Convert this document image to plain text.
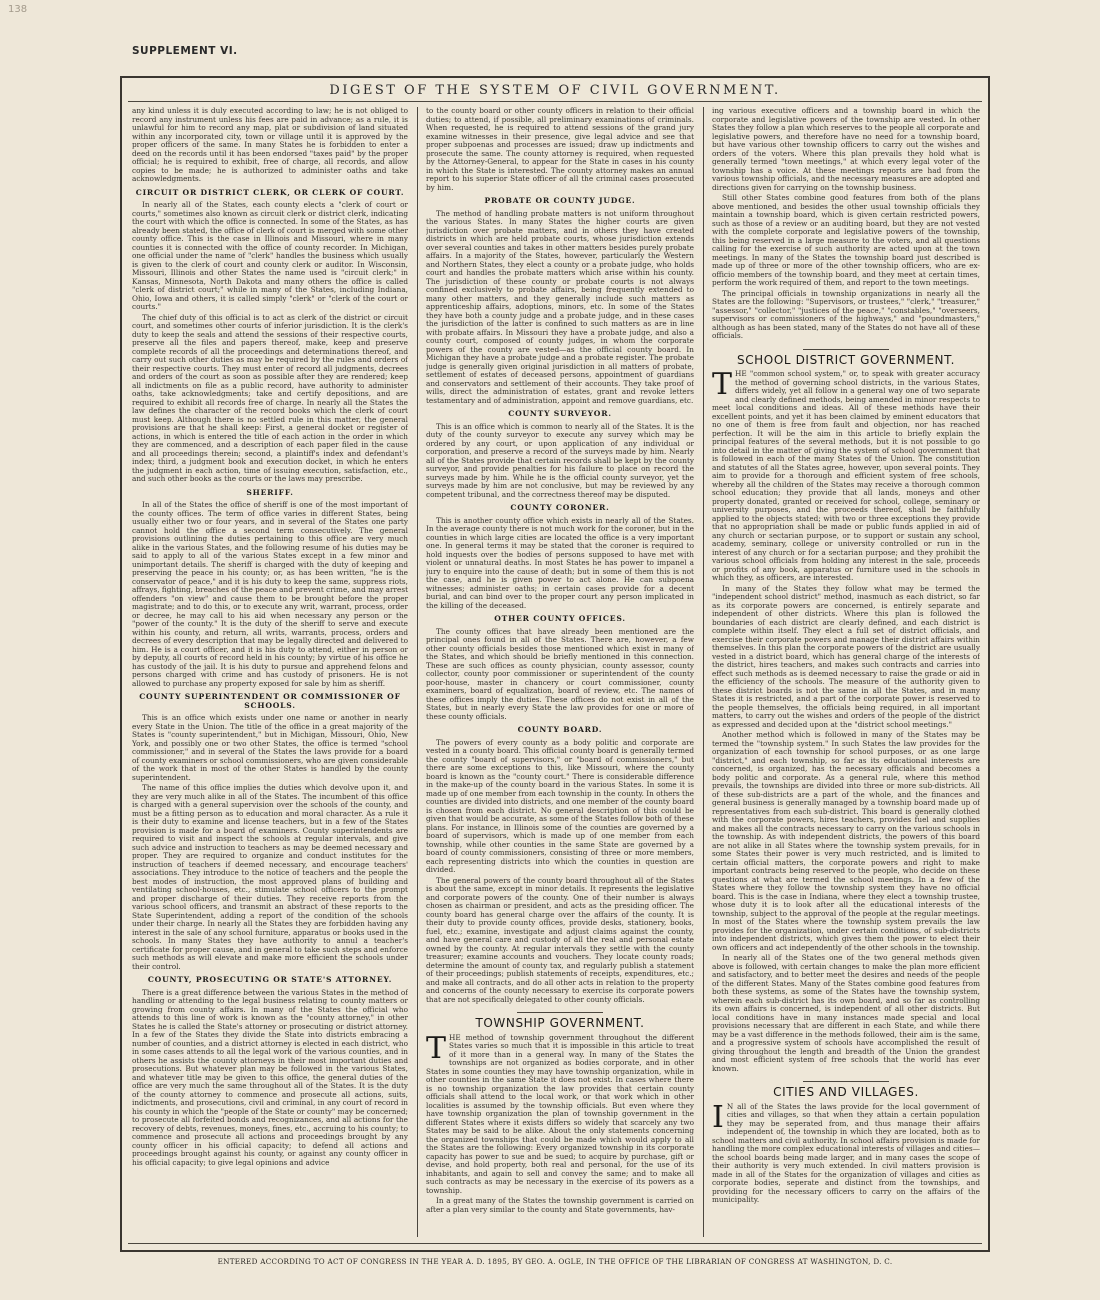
138
SUPPLEMENT VI.
DIGEST OF THE SYSTEM OF CIVIL GOVERNMENT.

any kind unless it is duly executed according to law; he is not obliged to record any instrument unless his fees are paid in advance; as a rule, it is unlawful for him to record any map, plat or subdivision of land situated within any incorporated city, town or village until it is approved by the proper officers of the same. In many States he is forbidden to enter a deed on the records until it has been endorsed "taxes paid" by the proper official; he is required to exhibit, free of charge, all records, and allow copies to be made; he is authorized to administer oaths and take acknowledgments.

CIRCUIT OR DISTRICT CLERK, OR CLERK OF COURT.

In nearly all of the States, each county elects a "clerk of court or courts," sometimes also known as circuit clerk or district clerk, indicating the court with which the office is connected. In some of the States, as has already been stated, the office of clerk of court is merged with some other county office. This is the case in Illinois and Missouri, where in many counties it is connected with the office of county recorder. In Michigan, one official under the name of "clerk" handles the business which usually is given to the clerk of court and county clerk or auditor. In Wisconsin, Missouri, Illinois and other States the name used is "circuit clerk;" in Kansas, Minnesota, North Dakota and many others the office is called "clerk of district court;" while in many of the States, including Indiana, Ohio, Iowa and others, it is called simply "clerk" or "clerk of the court or courts."

The chief duty of this official is to act as clerk of the district or circuit court, and sometimes other courts of inferior jurisdiction. It is the clerk's duty to keep the seals and attend the sessions of their respective courts, preserve all the files and papers thereof, make, keep and preserve complete records of all the proceedings and determinations thereof, and carry out such other duties as may be required by the rules and orders of their respective courts. They must enter of record all judgments, decrees and orders of the court as soon as possible after they are rendered; keep all indictments on file as a public record, have authority to administer oaths, take acknowledgments; take and certify depositions, and are required to exhibit all records free of charge. In nearly all the States the law defines the character of the record books which the clerk of court must keep. Although there is no settled rule in this matter, the general provisions are that he shall keep: First, a general docket or register of actions, in which is entered the title of each action in the order in which they are commenced, and a description of each paper filed in the cause and all proceedings therein; second, a plaintiff's index and defendant's index; third, a judgment book and execution docket, in which he enters the judgment in each action, time of issuing execution, satisfaction, etc., and such other books as the courts or the laws may prescribe.

SHERIFF.

In all of the States the office of sheriff is one of the most important of the county offices. The term of office varies in different States, being usually either two or four years, and in several of the States one party cannot hold the office a second term consecutively. The general provisions outlining the duties pertaining to this office are very much alike in the various States, and the following resume of his duties may be said to apply to all of the various States except in a few minor and unimportant details. The sheriff is charged with the duty of keeping and preserving the peace in his county; or, as has been written, "he is the conservator of peace," and it is his duty to keep the same, suppress riots, affrays, fighting, breaches of the peace and prevent crime, and may arrest offenders "on view" and cause them to be brought before the proper magistrate; and to do this, or to execute any writ, warrant, process, order or decree, he may call to his aid when necessary any person or the "power of the county." It is the duty of the sheriff to serve and execute within his county, and return, all writs, warrants, process, orders and decrees of every description that may be legally directed and delivered to him. He is a court officer, and it is his duty to attend, either in person or by deputy, all courts of record held in his county; by virtue of his office he has custody of the jail. It is his duty to pursue and apprehend felons and persons charged with crime and has custody of prisoners. He is not allowed to purchase any property exposed for sale by him as sheriff.

COUNTY SUPERINTENDENT OR COMMISSIONER OF SCHOOLS.

This is an office which exists under one name or another in nearly every State in the Union. The title of the office in a great majority of the States is "county superintendent," but in Michigan, Missouri, Ohio, New York, and possibly one or two other States, the office is termed "school commissioner," and in several of the States the laws provide for a board of county examiners or school commissioners, who are given considerable of the work that in most of the other States is handled by the county superintendent.

The name of this office implies the duties which devolve upon it, and they are very much alike in all of the States. The incumbent of this office is charged with a general supervision over the schools of the county, and must be a fitting person as to education and moral character. As a rule it is their duty to examine and license teachers, but in a few of the States provision is made for a board of examiners. County superintendents are required to visit and inspect the schools at regular intervals, and give such advice and instruction to teachers as may be deemed necessary and proper. They are required to organize and conduct institutes for the instruction of teachers if deemed necessary, and encourage teachers' associations. They introduce to the notice of teachers and the people the best modes of instruction, the most approved plans of building and ventilating school-houses, etc., stimulate school officers to the prompt and proper discharge of their duties. They receive reports from the various school officers, and transmit an abstract of these reports to the State Superintendent, adding a report of the condition of the schools under their charge. In nearly all the States they are forbidden having any interest in the sale of any school furniture, apparatus or books used in the schools. In many States they have authority to annul a teacher's certificate for proper cause, and in general to take such steps and enforce such methods as will elevate and make more efficient the schools under their control.

COUNTY, PROSECUTING OR STATE'S ATTORNEY.

There is a great difference between the various States in the method of handling or attending to the legal business relating to county matters or growing from county affairs. In many of the States the official who attends to this line of work is known as the "county attorney," in other States he is called the State's attorney or prosecuting or district attorney. In a few of the States they divide the State into districts embracing a number of counties, and a district attorney is elected in each district, who in some cases attends to all the legal work of the various counties, and in others he assists the county attorneys in their most important duties and prosecutions. But whatever plan may be followed in the various States, and whatever title may be given to this office, the general duties of the office are very much the same throughout all of the States. It is the duty of the county attorney to commence and prosecute all actions, suits, indictments, and prosecutions, civil and criminal, in any court of record in his county in which the "people of the State or county" may be concerned; to prosecute all forfeited bonds and recognizances, and all actions for the recovery of debts, revenues, moneys, fines, etc., accruing to his county; to commence and prosecute all actions and proceedings brought by any county officer in his official capacity; to defend all actions and proceedings brought against his county, or against any county officer in his official capacity; to give legal opinions and advice

to the county board or other county officers in relation to their official duties; to attend, if possible, all preliminary examinations of criminals. When requested, he is required to attend sessions of the grand jury examine witnesses in their presence, give legal advice and see that proper subpoenas and processes are issued; draw up indictments and prosecute the same. The county attorney is required, when requested by the Attorney-General, to appear for the State in cases in his county in which the State is interested. The county attorney makes an annual report to his superior State officer of all the criminal cases prosecuted by him.

PROBATE OR COUNTY JUDGE.

The method of handling probate matters is not uniform throughout the various States. In many States the higher courts are given jurisdiction over probate matters, and in others they have created districts in which are held probate courts, whose jurisdiction extends over several counties and takes in other matters besides purely probate affairs. In a majority of the States, however, particularly the Western and Northern States, they elect a county or a probate judge, who holds court and handles the probate matters which arise within his county. The jurisdiction of these county or probate courts is not always confined exclusively to probate affairs, being frequently extended to many other matters, and they generally include such matters as apprenticeship affairs, adoptions, minors, etc. In some of the States they have both a county judge and a probate judge, and in these cases the jurisdiction of the latter is confined to such matters as are in line with probate affairs. In Missouri they have a probate judge, and also a county court, composed of county judges, in whom the corporate powers of the county are vested—as the official county board. In Michigan they have a probate judge and a probate register. The probate judge is generally given original jurisdiction in all matters of probate, settlement of estates of deceased persons, appointment of guardians and conservators and settlement of their accounts. They take proof of wills, direct the administration of estates, grant and revoke letters testamentary and of administration, appoint and remove guardians, etc.

COUNTY SURVEYOR.

This is an office which is common to nearly all of the States. It is the duty of the county surveyor to execute any survey which may be ordered by any court, or upon application of any individual or corporation, and preserve a record of the surveys made by him. Nearly all of the States provide that certain records shall be kept by the county surveyor, and provide penalties for his failure to place on record the surveys made by him. While he is the official county surveyor, yet the surveys made by him are not conclusive, but may be reviewed by any competent tribunal, and the correctness thereof may be disputed.

COUNTY CORONER.

This is another county office which exists in nearly all of the States. In the average county there is not much work for the coroner, but in the counties in which large cities are located the office is a very important one. In general terms it may be stated that the coroner is required to hold inquests over the bodies of persons supposed to have met with violent or unnatural deaths. In most States he has power to impanel a jury to enquire into the cause of death; but in some of them this is not the case, and he is given power to act alone. He can subpoena witnesses; administer oaths; in certain cases provide for a decent burial, and can bind over to the proper court any person implicated in the killing of the deceased.

OTHER COUNTY OFFICES.

The county offices that have already been mentioned are the principal ones found in all of the States. There are, however, a few other county officials besides those mentioned which exist in many of the States, and which should be briefly mentioned in this connection. These are such offices as county physician, county assessor, county collector, county poor commissioner or superintendent of the county poor-house, master in chancery or court commissioner, county examiners, board of equalization, board of review, etc. The names of these offices imply the duties. These offices do not exist in all of the States, but in nearly every State the law provides for one or more of these county officials.

COUNTY BOARD.

The powers of every county as a body politic and corporate are vested in a county board. This official county board is generally termed the county "board of supervisors," or "board of commissioners," but there are some exceptions to this, like Missouri, where the county board is known as the "county court." There is considerable difference in the make-up of the county board in the various States. In some it is made up of one member from each township in the county. In others the counties are divided into districts, and one member of the county board is chosen from each district. No general description of this could be given that would be accurate, as some of the States follow both of these plans. For instance, in Illinois some of the counties are governed by a board of supervisors, which is made up of one member from each township, while other counties in the same State are governed by a board of county commissioners, consisting of three or more members, each representing districts into which the counties in question are divided.

The general powers of the county board throughout all of the States is about the same, except in minor details. It represents the legislative and corporate powers of the county. One of their number is always chosen as chairman or president, and acts as the presiding officer. The county board has general charge over the affairs of the county. It is their duty to provide county offices, provide desks, stationery, books, fuel, etc.; examine, investigate and adjust claims against the county, and have general care and custody of all the real and personal estate owned by the county. At regular intervals they settle with the county treasurer; examine accounts and vouchers. They locate county roads; determine the amount of county tax, and regularly publish a statement of their proceedings; publish statements of receipts, expenditures, etc.; and make all contracts, and do all other acts in relation to the property and concerns of the county necessary to exercise its corporate powers that are not specifically delegated to other county officials.

TOWNSHIP GOVERNMENT.

THE method of township government throughout the different States varies so much that it is impossible in this article to treat of it more than in a general way. In many of the States the townships are not organized as bodies corporate, and in other States in some counties they may have township organization, while in other counties in the same State it does not exist. In cases where there is no township organization the law provides that certain county officials shall attend to the local work, or that work which in other localities is assumed by the township officials. But even where they have township organization the plan of township government in the different States where it exists differs so widely that scarcely any two States may be said to be alike. About the only statements concerning the organized townships that could be made which would apply to all the States are the following: Every organized township in its corporate capacity has power to sue and be sued; to acquire by purchase, gift or devise, and hold property, both real and personal, for the use of its inhabitants, and again to sell and convey the same; and to make all such contracts as may be necessary in the exercise of its powers as a township.

In a great many of the States the township government is carried on after a plan very similar to the county and State governments, hav-

ing various executive officers and a township board in which the corporate and legislative powers of the township are vested. In other States they follow a plan which reserves to the people all corporate and legislative powers, and therefore have no need for a township board, but have various other township officers to carry out the wishes and orders of the voters. Where this plan prevails they hold what is generally termed "town meetings," at which every legal voter of the township has a voice. At these meetings reports are had from the various township officials, and the necessary measures are adopted and directions given for carrying on the township business.

Still other States combine good features from both of the plans above mentioned, and besides the other usual township officials they maintain a township board, which is given certain restricted powers, such as those of a review or an auditing board, but they are not vested with the complete corporate and legislative powers of the township, this being reserved in a large measure to the voters, and all questions calling for the exercise of such authority are acted upon at the town meetings. In many of the States the township board just described is made up of three or more of the other township officers, who are ex-officio members of the township board, and they meet at certain times, perform the work required of them, and report to the town meetings.

The principal officials in township organizations in nearly all the States are the following: "Supervisors, or trustees," "clerk," "treasurer," "assessor," "collector," "justices of the peace," "constables," "overseers, supervisors or commissioners of the highways," and "poundmasters," although as has been stated, many of the States do not have all of these officials.

SCHOOL DISTRICT GOVERNMENT.

THE "common school system," or, to speak with greater accuracy the method of governing school districts, in the various States, differs widely, yet all follow in a general way one of two separate and clearly defined methods, being amended in minor respects to meet local conditions and ideas. All of these methods have their excellent points, and yet it has been claimed by eminent educators that no one of them is free from fault and objection, nor has reached perfection. It will be the aim in this article to briefly explain the principal features of the several methods, but it is not possible to go into detail in the matter of giving the system of school government that is followed in each of the many States of the Union. The constitution and statutes of all the States agree, however, upon several points. They aim to provide for a thorough and efficient system of free schools, whereby all the children of the States may receive a thorough common school education; they provide that all lands, moneys and other property donated, granted or received for school, college, seminary or university purposes, and the proceeds thereof, shall be faithfully applied to the objects stated; with two or three exceptions they provide that no appropriation shall be made or public funds applied in aid of any church or sectarian purpose, or to support or sustain any school, academy, seminary, college or university controlled or run in the interest of any church or for a sectarian purpose; and they prohibit the various school officials from holding any interest in the sale, proceeds or profits of any book, apparatus or furniture used in the schools in which they, as officers, are interested.

In many of the States they follow what may be termed the "independent school district" method, inasmuch as each district, so far as its corporate powers are concerned, is entirely separate and independent of other districts. Where this plan is followed the boundaries of each district are clearly defined, and each district is complete within itself. They elect a full set of district officials, and exercise their corporate powers and manage their district affairs within themselves. In this plan the corporate powers of the district are usually vested in a district board, which has general charge of the interests of the district, hires teachers, and makes such contracts and carries into effect such methods as is deemed necessary to raise the grade or aid in the efficiency of the schools. The measure of the authority given to these district boards is not the same in all the States, and in many States it is restricted, and a part of the corporate power is reserved to the people themselves, the officials being required, in all important matters, to carry out the wishes and orders of the people of the district as expressed and decided upon at the "district school meetings."

Another method which is followed in many of the States may be termed the "township system." In such States the law provides for the organization of each township for school purposes, or as one large "district," and each township, so far as its educational interests are concerned, is organized, has the necessary officials and becomes a body politic and corporate. As a general rule, where this method prevails, the townships are divided into three or more sub-districts. All of these sub-districts are a part of the whole, and the finances and general business is generally managed by a township board made up of representatives from each sub-district. This board is generally clothed with the corporate powers, hires teachers, provides fuel and supplies and makes all the contracts necessary to carry on the various schools in the township. As with independent districts, the powers of this board are not alike in all States where the township system prevails, for in some States their power is very much restricted, and is limited to certain official matters, the corporate powers and right to make important contracts being reserved to the people, who decide on these questions at what are termed the school meetings. In a few of the States where they follow the township system they have no official board. This is the case in Indiana, where they elect a township trustee, whose duty it is to look after all the educational interests of the township, subject to the approval of the people at the regular meetings. In most of the States where the township system prevails the law provides for the organization, under certain conditions, of sub-districts into independent districts, which gives them the power to elect their own officers and act independently of the other schools in the township.

In nearly all of the States one of the two general methods given above is followed, with certain changes to make the plan more efficient and satisfactory, and to better meet the desires and needs of the people of the different States. Many of the States combine good features from both these systems, as some of the States have the township system, wherein each sub-district has its own board, and so far as controlling its own affairs is concerned, is independent of all other districts. But local conditions have in many instances made special and local provisions necessary that are different in each State, and while there may be a vast difference in the methods followed, their aim is the same, and a progressive system of schools have accomplished the result of giving throughout the length and breadth of the Union the grandest and most efficient system of free schools that the world has ever known.

CITIES AND VILLAGES.

IN all of the States the laws provide for the local government of cities and villages, so that when they attain a certain population they may be seperated from, and thus manage their affairs independent of, the township in which they are located, both as to school matters and civil authority. In school affairs provision is made for handling the more complex educational interests of villages and cities—the school boards being made larger, and in many cases the scope of their authority is very much extended. In civil matters provision is made in all of the States for the organization of villages and cities as corporate bodies, seperate and distinct from the townships, and providing for the necessary officers to carry on the affairs of the municipality.

ENTERED ACCORDING TO ACT OF CONGRESS IN THE YEAR A. D. 1895, BY GEO. A. OGLE, IN THE OFFICE OF THE LIBRARIAN OF CONGRESS AT WASHINGTON, D. C.
